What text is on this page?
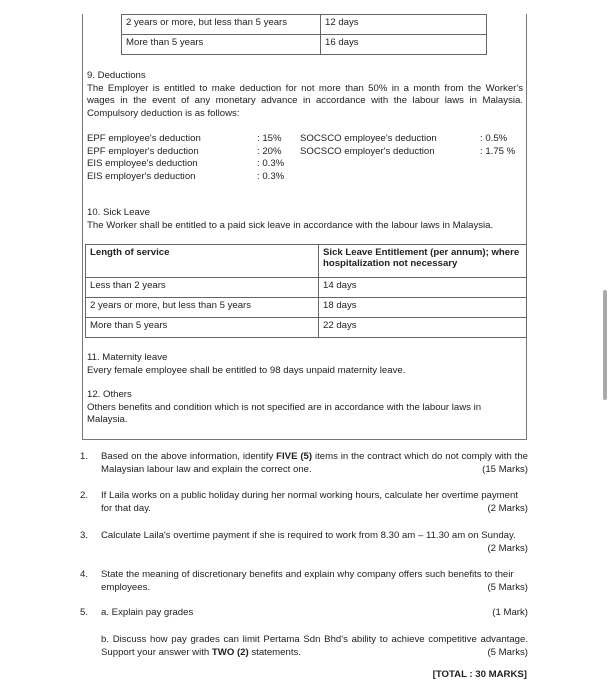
2 years or more, but less than 5 years	12 days
More than 5 years	16 days
9. Deductions
The Employer is entitled to make deduction for not more than 50% in a month from the Worker's wages in the event of any monetary advance in accordance with the labour laws in Malaysia. Compulsory deduction is as follows:
EPF employee's deduction	: 15%
EPF employer's deduction	: 20%
EIS employee's deduction	: 0.3%
EIS employer's deduction	: 0.3%
SOCSCO employee's deduction	: 0.5%
SOCSCO employer's deduction	: 1.75 %
10. Sick Leave
The Worker shall be entitled to a paid sick leave in accordance with the labour laws in Malaysia.
Length of service	Sick Leave Entitlement (per annum); where hospitalization not necessary
Less than 2 years	14 days
2 years or more, but less than 5 years	18 days
More than 5 years	22 days
11. Maternity leave
Every female employee shall be entitled to 98 days unpaid maternity leave.
12. Others
Others benefits and condition which is not specified are in accordance with the labour laws in Malaysia.
1. Based on the above information, identify FIVE (5) items in the contract which do not comply with the Malaysian labour law and explain the correct one.	(15 Marks)
2. If Laila works on a public holiday during her normal working hours, calculate her overtime payment for that day.	(2 Marks)
3. Calculate Laila's overtime payment if she is required to work from 8.30 am – 11.30 am on Sunday.
(2 Marks)
4. State the meaning of discretionary benefits and explain why company offers such benefits to their employees.	(5 Marks)
5. a. Explain pay grades	(1 Mark)
b. Discuss how pay grades can limit Pertama Sdn Bhd's ability to achieve competitive advantage. Support your answer with TWO (2) statements.	(5 Marks)
[TOTAL : 30 MARKS]
